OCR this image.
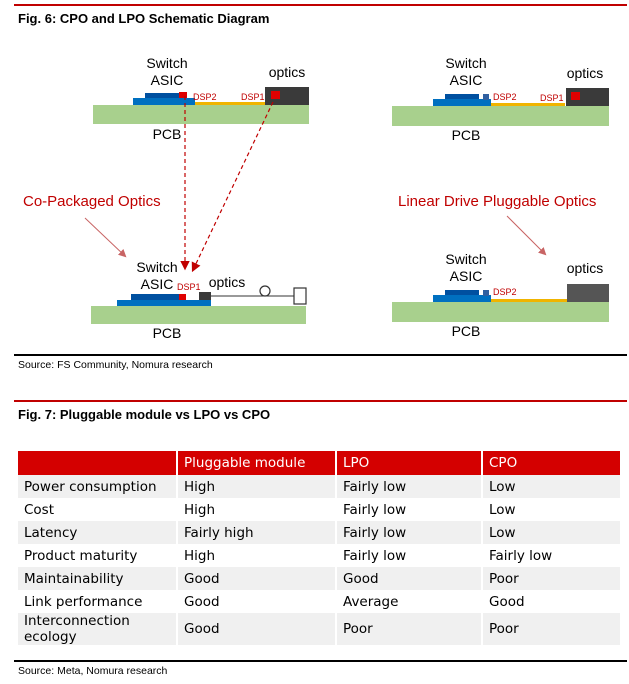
Fig. 6: CPO and LPO Schematic Diagram
Switch
ASIC	optics
DSP2	DSP1
PCB
Switch
ASIC	optics
DSP2	DSP1
PCB
Co-Packaged Optics	Linear Drive Pluggable Optics
Switch
ASIC DSP1 optics
PCB
Switch
ASIC	optics
DSP2
PCB
Source: FS Community, Nomura research
Fig. 7: Pluggable module vs LPO vs CPO
	Pluggable module	LPO	CPO
Power consumption	High	Fairly low	Low
Cost	High	Fairly low	Low
Latency	Fairly high	Fairly low	Low
Product maturity	High	Fairly low	Fairly low
Maintainability	Good	Good	Poor
Link performance	Good	Average	Good
Interconnection ecology	Good	Poor	Poor
Source: Meta, Nomura research
